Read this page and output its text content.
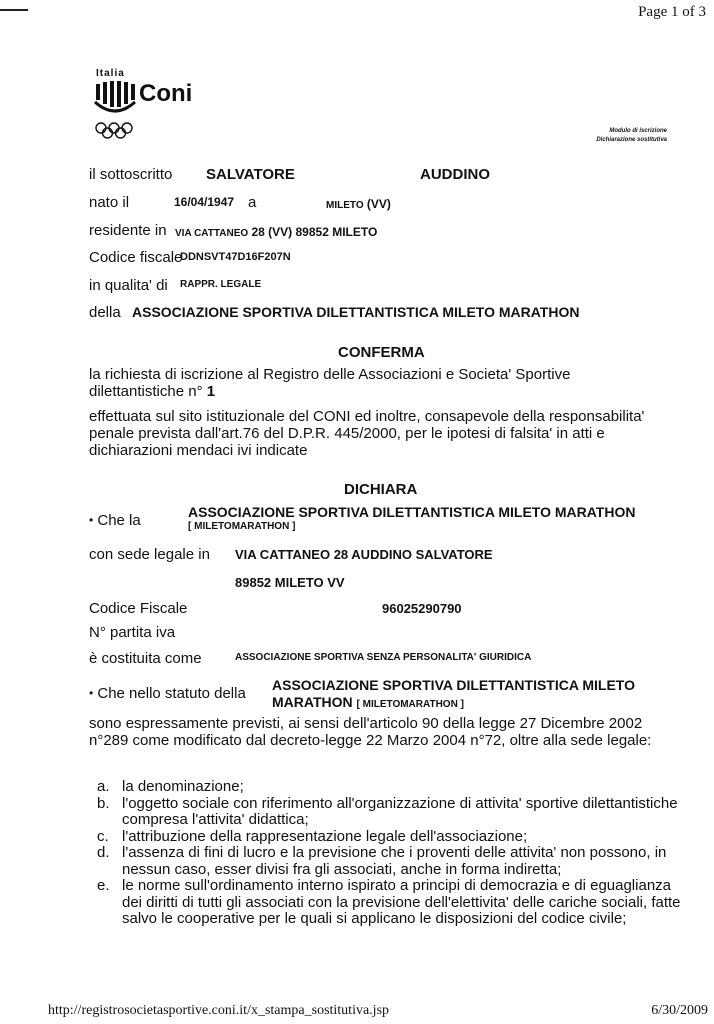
Page 1 of 3
Italia
Coni
Modulo di iscrizione
Dichiarazione sostitutiva
il sottoscritto SALVATORE	AUDDINO
nato il	16/04/1947 a	MILETO (VV)
residente in VIA CATTANEO 28 (VV) 89852 MILETO
Codice fiscale
DDNSVT47D16F207N
in qualita' di RAPPR. LEGALE
della ASSOCIAZIONE SPORTIVA DILETTANTISTICA MILETO MARATHON
CONFERMA
la richiesta di iscrizione al Registro delle Associazioni e Societa' Sportive dilettantistiche n° 1
effettuata sul sito istituzionale del CONI ed inoltre, consapevole della responsabilita' penale prevista dall'art.76 del D.P.R. 445/2000, per le ipotesi di falsita' in atti e dichiarazioni mendaci ivi indicate
DICHIARA
• Che la	ASSOCIAZIONE SPORTIVA DILETTANTISTICA MILETO MARATHON
[ MILETOMARATHON ]
con sede legale in VIA CATTANEO 28 AUDDINO SALVATORE
89852 MILETO VV
Codice Fiscale	96025290790
N° partita iva
è costituita come	ASSOCIAZIONE SPORTIVA SENZA PERSONALITA' GIURIDICA
• Che nello statuto della ASSOCIAZIONE SPORTIVA DILETTANTISTICA MILETO
MARATHON [ MILETOMARATHON ]
sono espressamente previsti, ai sensi dell'articolo 90 della legge 27 Dicembre 2002 n°289 come modificato dal decreto-legge 22 Marzo 2004 n°72, oltre alla sede legale:
a. la denominazione;
b. l'oggetto sociale con riferimento all'organizzazione di attivita' sportive dilettantistiche compresa l'attivita' didattica;
c. l'attribuzione della rappresentazione legale dell'associazione;
d. l'assenza di fini di lucro e la previsione che i proventi delle attivita' non possono, in nessun caso, esser divisi fra gli associati, anche in forma indiretta;
e. le norme sull'ordinamento interno ispirato a principi di democrazia e di eguaglianza dei diritti di tutti gli associati con la previsione dell'elettivita' delle cariche sociali, fatte salvo le cooperative per le quali si applicano le disposizioni del codice civile;
http://registrosocietasportive.coni.it/x_stampa_sostitutiva.jsp	6/30/2009
